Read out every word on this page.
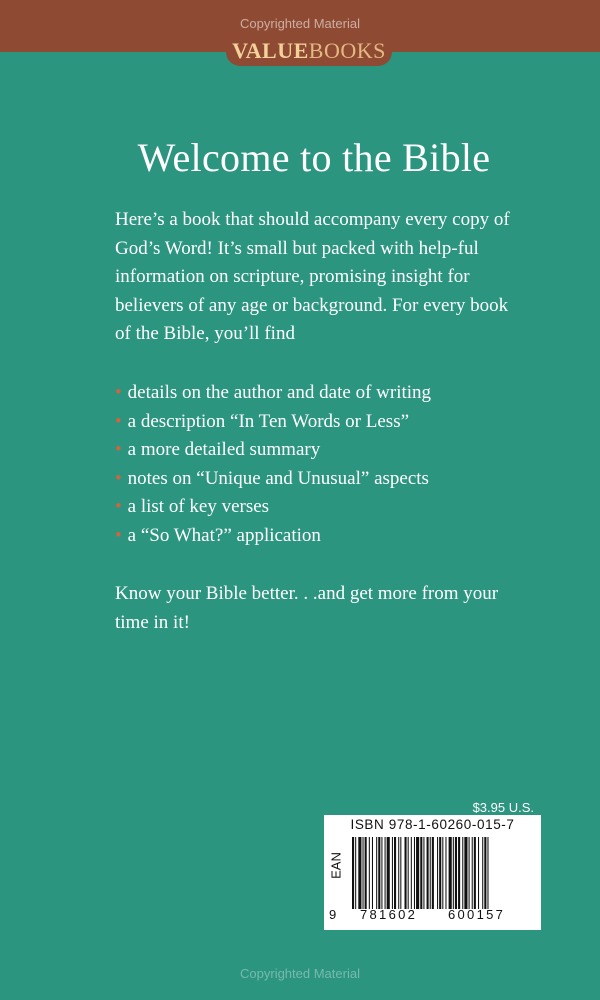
Copyrighted Material
VALUEBOOKS
Welcome to the Bible

Here’s a book that should accompany every copy of God’s Word! It’s small but packed with help-ful information on scripture, promising insight for believers of any age or background. For every book of the Bible, you’ll find

• details on the author and date of writing
• a description “In Ten Words or Less”
• a more detailed summary
• notes on “Unique and Unusual” aspects
• a list of key verses
• a “So What?” application

Know your Bible better. . .and get more from your time in it!

$3.95 U.S.
ISBN 978-1-60260-015-7
EAN
9 781602 600157
BBGN / RELIGION / BIBLICAL STUDIES / GENERAL
Copyrighted Material
